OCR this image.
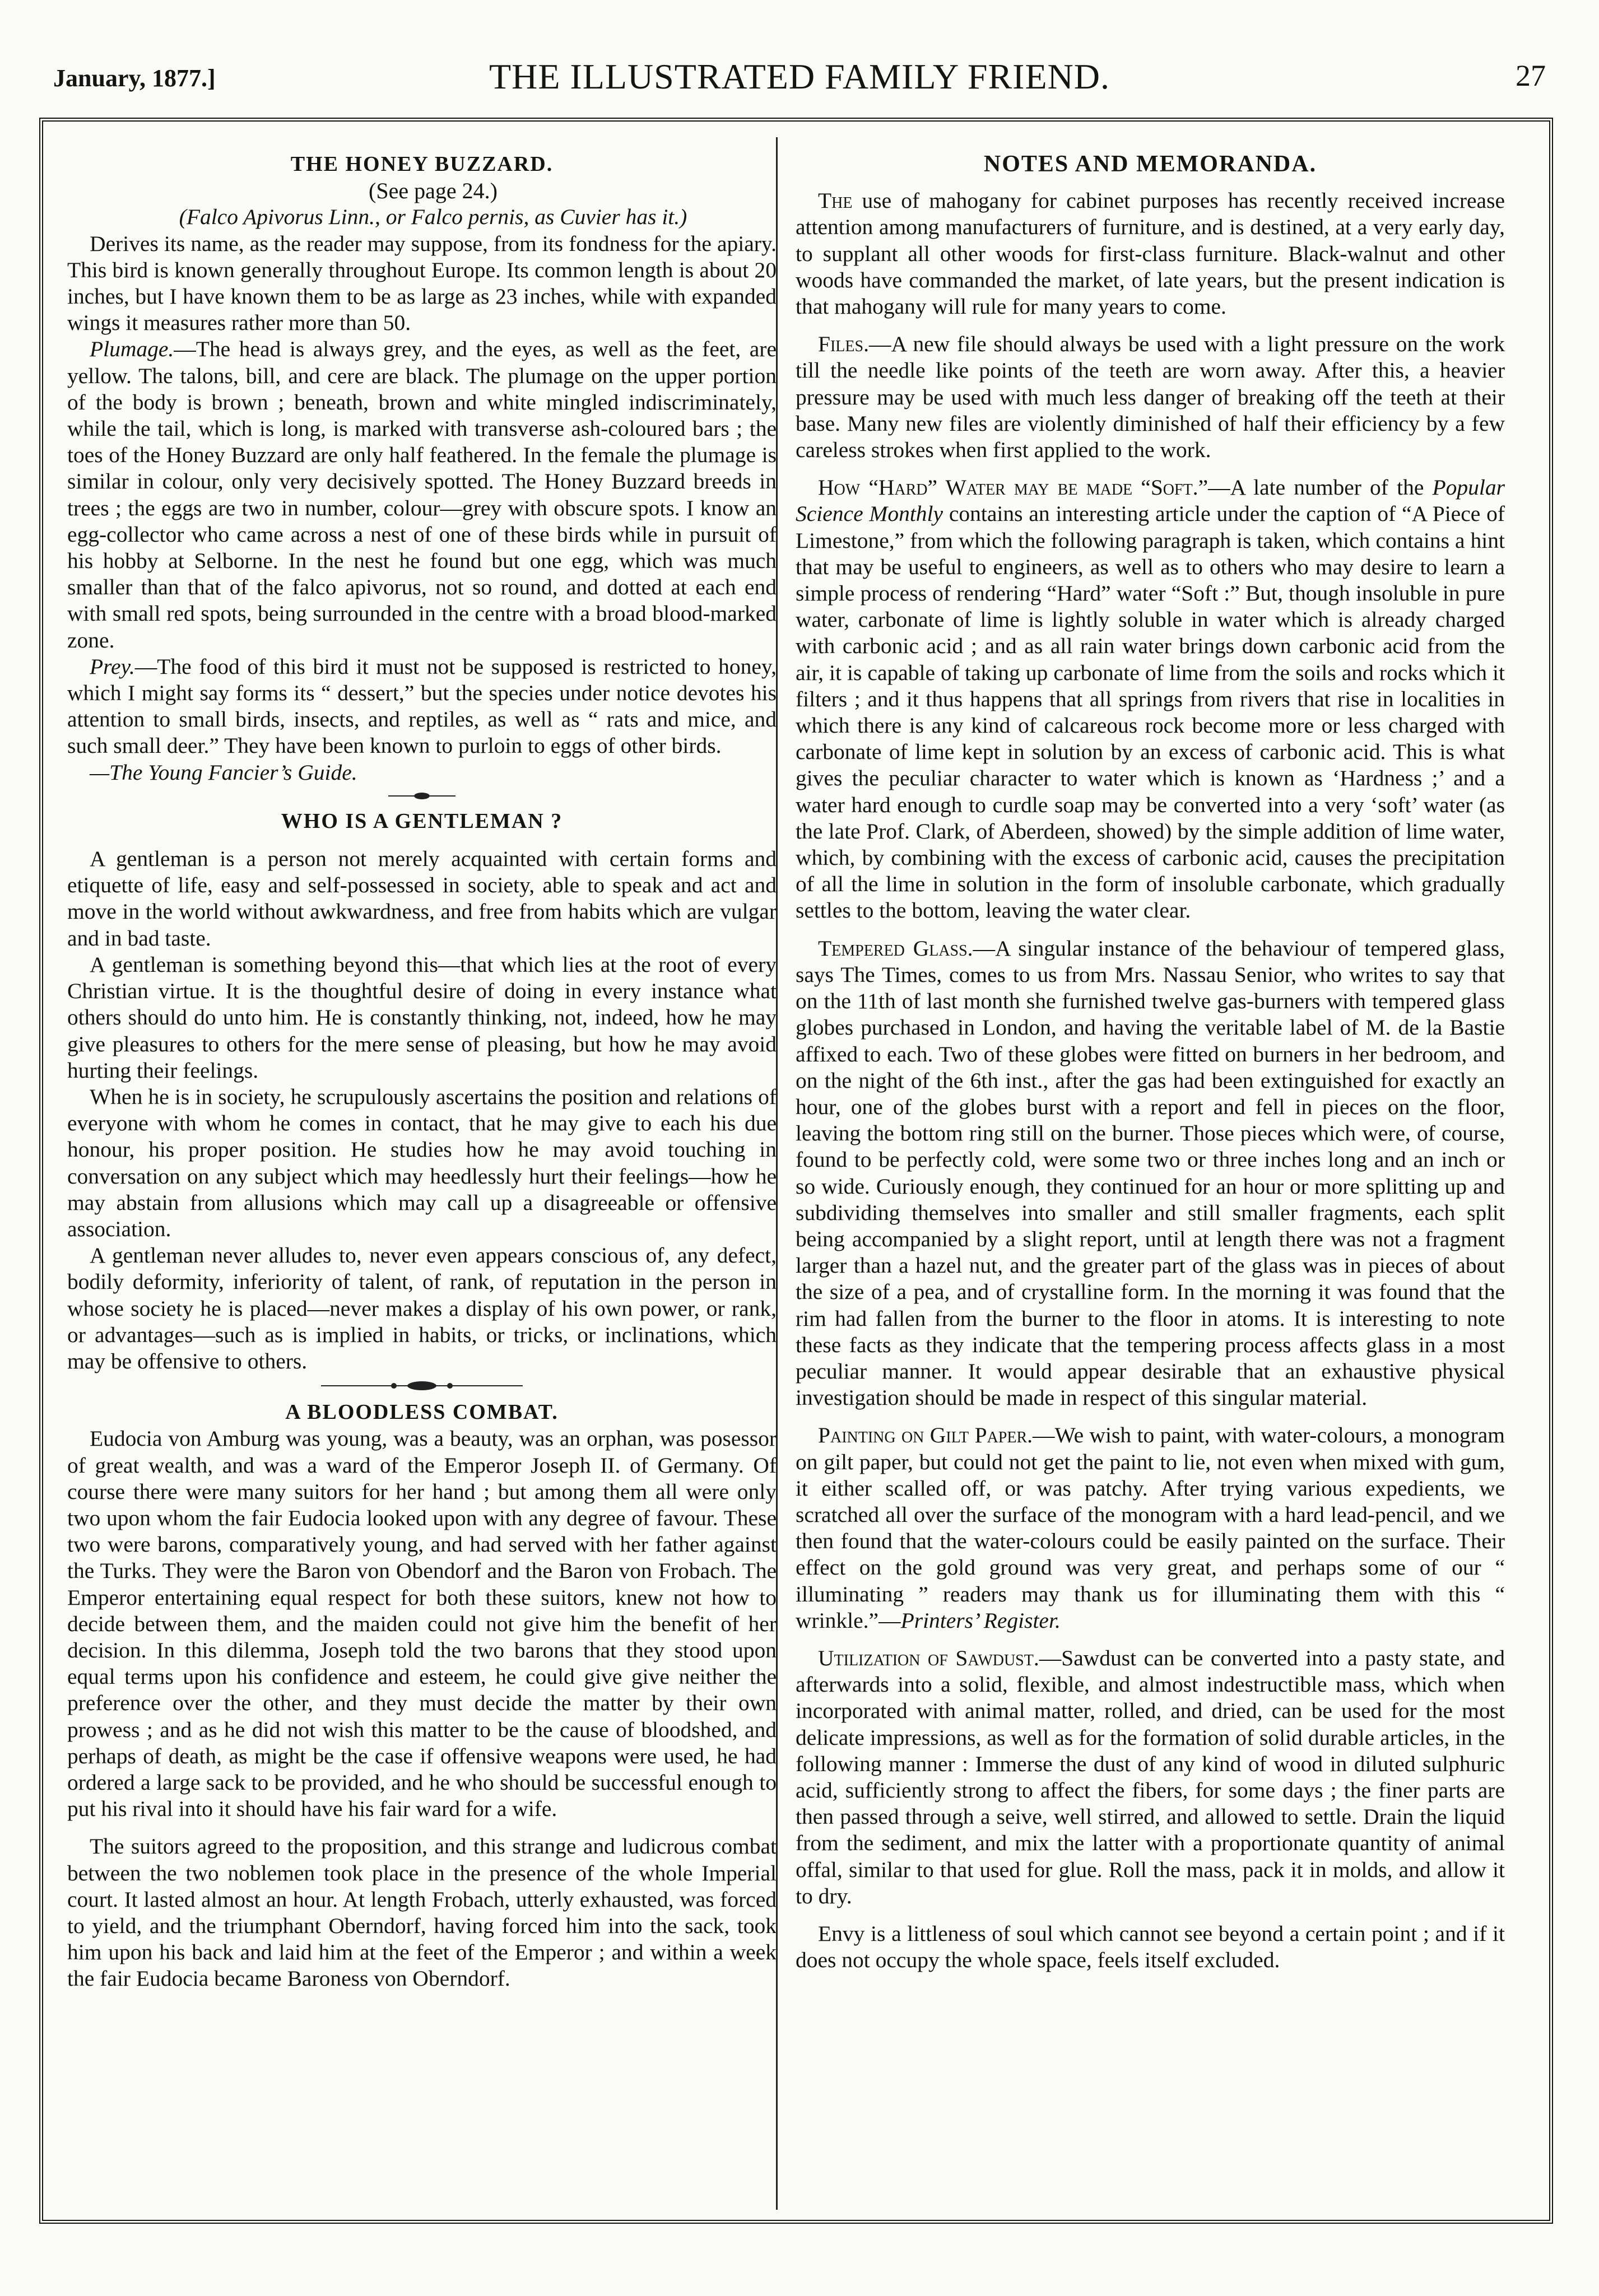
January, 1877.]	THE ILLUSTRATED FAMILY FRIEND.	27
THE HONEY BUZZARD.

(See page 24.)

(Falco Apivorus Linn., or Falco pernis, as Cuvier has it.)

Derives its name, as the reader may suppose, from its fondness for the apiary. This bird is known generally throughout Europe. Its common length is about 20 inches, but I have known them to be as large as 23 inches, while with expanded wings it measures rather more than 50.

Plumage.—The head is always grey, and the eyes, as well as the feet, are yellow. The talons, bill, and cere are black. The plumage on the upper portion of the body is brown ; beneath, brown and white mingled indiscriminately, while the tail, which is long, is marked with transverse ash-coloured bars ; the toes of the Honey Buzzard are only half feathered. In the female the plumage is similar in colour, only very decisively spotted. The Honey Buzzard breeds in trees ; the eggs are two in number, colour—grey with obscure spots. I know an egg-collector who came across a nest of one of these birds while in pursuit of his hobby at Selborne. In the nest he found but one egg, which was much smaller than that of the falco apivorus, not so round, and dotted at each end with small red spots, being surrounded in the centre with a broad blood-marked zone.

Prey.—The food of this bird it must not be supposed is restricted to honey, which I might say forms its “ dessert,” but the species under notice devotes his attention to small birds, insects, and reptiles, as well as “ rats and mice, and such small deer.” They have been known to purloin to eggs of other birds.

—The Young Fancier’s Guide.

WHO IS A GENTLEMAN ?

A gentleman is a person not merely acquainted with certain forms and etiquette of life, easy and self-possessed in society, able to speak and act and move in the world without awkwardness, and free from habits which are vulgar and in bad taste.

A gentleman is something beyond this—that which lies at the root of every Christian virtue. It is the thoughtful desire of doing in every instance what others should do unto him. He is constantly thinking, not, indeed, how he may give pleasures to others for the mere sense of pleasing, but how he may avoid hurting their feelings.

When he is in society, he scrupulously ascertains the position and relations of everyone with whom he comes in contact, that he may give to each his due honour, his proper position. He studies how he may avoid touching in conversation on any subject which may heedlessly hurt their feelings—how he may abstain from allusions which may call up a disagreeable or offensive association.

A gentleman never alludes to, never even appears conscious of, any defect, bodily deformity, inferiority of talent, of rank, of reputation in the person in whose society he is placed—never makes a display of his own power, or rank, or advantages—such as is implied in habits, or tricks, or inclinations, which may be offensive to others.

A BLOODLESS COMBAT.

Eudocia von Amburg was young, was a beauty, was an orphan, was posessor of great wealth, and was a ward of the Emperor Joseph II. of Germany. Of course there were many suitors for her hand ; but among them all were only two upon whom the fair Eudocia looked upon with any degree of favour. These two were barons, comparatively young, and had served with her father against the Turks. They were the Baron von Obendorf and the Baron von Frobach. The Emperor entertaining equal respect for both these suitors, knew not how to decide between them, and the maiden could not give him the benefit of her decision. In this dilemma, Joseph told the two barons that they stood upon equal terms upon his confidence and esteem, he could give give neither the preference over the other, and they must decide the matter by their own prowess ; and as he did not wish this matter to be the cause of bloodshed, and perhaps of death, as might be the case if offensive weapons were used, he had ordered a large sack to be provided, and he who should be successful enough to put his rival into it should have his fair ward for a wife.

The suitors agreed to the proposition, and this strange and ludicrous combat between the two noblemen took place in the presence of the whole Imperial court. It lasted almost an hour. At length Frobach, utterly exhausted, was forced to yield, and the triumphant Oberndorf, having forced him into the sack, took him upon his back and laid him at the feet of the Emperor ; and within a week the fair Eudocia became Baroness von Oberndorf.

NOTES AND MEMORANDA.

The use of mahogany for cabinet purposes has recently received increase attention among manufacturers of furniture, and is destined, at a very early day, to supplant all other woods for first-class furniture. Black-walnut and other woods have commanded the market, of late years, but the present indication is that mahogany will rule for many years to come.

Files.—A new file should always be used with a light pressure on the work till the needle like points of the teeth are worn away. After this, a heavier pressure may be used with much less danger of breaking off the teeth at their base. Many new files are violently diminished of half their efficiency by a few careless strokes when first applied to the work.

How “Hard” Water may be made “Soft.”—A late number of the Popular Science Monthly contains an interesting article under the caption of “A Piece of Limestone,” from which the following paragraph is taken, which contains a hint that may be useful to engineers, as well as to others who may desire to learn a simple process of rendering “Hard” water “Soft :” But, though insoluble in pure water, carbonate of lime is lightly soluble in water which is already charged with carbonic acid ; and as all rain water brings down carbonic acid from the air, it is capable of taking up carbonate of lime from the soils and rocks which it filters ; and it thus happens that all springs from rivers that rise in localities in which there is any kind of calcareous rock become more or less charged with carbonate of lime kept in solution by an excess of carbonic acid. This is what gives the peculiar character to water which is known as ‘Hardness ;’ and a water hard enough to curdle soap may be converted into a very ‘soft’ water (as the late Prof. Clark, of Aberdeen, showed) by the simple addition of lime water, which, by combining with the excess of carbonic acid, causes the precipitation of all the lime in solution in the form of insoluble carbonate, which gradually settles to the bottom, leaving the water clear.

Tempered Glass.—A singular instance of the behaviour of tempered glass, says The Times, comes to us from Mrs. Nassau Senior, who writes to say that on the 11th of last month she furnished twelve gas-burners with tempered glass globes purchased in London, and having the veritable label of M. de la Bastie affixed to each. Two of these globes were fitted on burners in her bedroom, and on the night of the 6th inst., after the gas had been extinguished for exactly an hour, one of the globes burst with a report and fell in pieces on the floor, leaving the bottom ring still on the burner. Those pieces which were, of course, found to be perfectly cold, were some two or three inches long and an inch or so wide. Curiously enough, they continued for an hour or more splitting up and subdividing themselves into smaller and still smaller fragments, each split being accompanied by a slight report, until at length there was not a fragment larger than a hazel nut, and the greater part of the glass was in pieces of about the size of a pea, and of crystalline form. In the morning it was found that the rim had fallen from the burner to the floor in atoms. It is interesting to note these facts as they indicate that the tempering process affects glass in a most peculiar manner. It would appear desirable that an exhaustive physical investigation should be made in respect of this singular material.

Painting on Gilt Paper.—We wish to paint, with water-colours, a monogram on gilt paper, but could not get the paint to lie, not even when mixed with gum, it either scalled off, or was patchy. After trying various expedients, we scratched all over the surface of the monogram with a hard lead-pencil, and we then found that the water-colours could be easily painted on the surface. Their effect on the gold ground was very great, and perhaps some of our “ illuminating ” readers may thank us for illuminating them with this “ wrinkle.”—Printers’ Register.

Utilization of Sawdust.—Sawdust can be converted into a pasty state, and afterwards into a solid, flexible, and almost indestructible mass, which when incorporated with animal matter, rolled, and dried, can be used for the most delicate impressions, as well as for the formation of solid durable articles, in the following manner : Immerse the dust of any kind of wood in diluted sulphuric acid, sufficiently strong to affect the fibers, for some days ; the finer parts are then passed through a seive, well stirred, and allowed to settle. Drain the liquid from the sediment, and mix the latter with a proportionate quantity of animal offal, similar to that used for glue. Roll the mass, pack it in molds, and allow it to dry.

Envy is a littleness of soul which cannot see beyond a certain point ; and if it does not occupy the whole space, feels itself excluded.
